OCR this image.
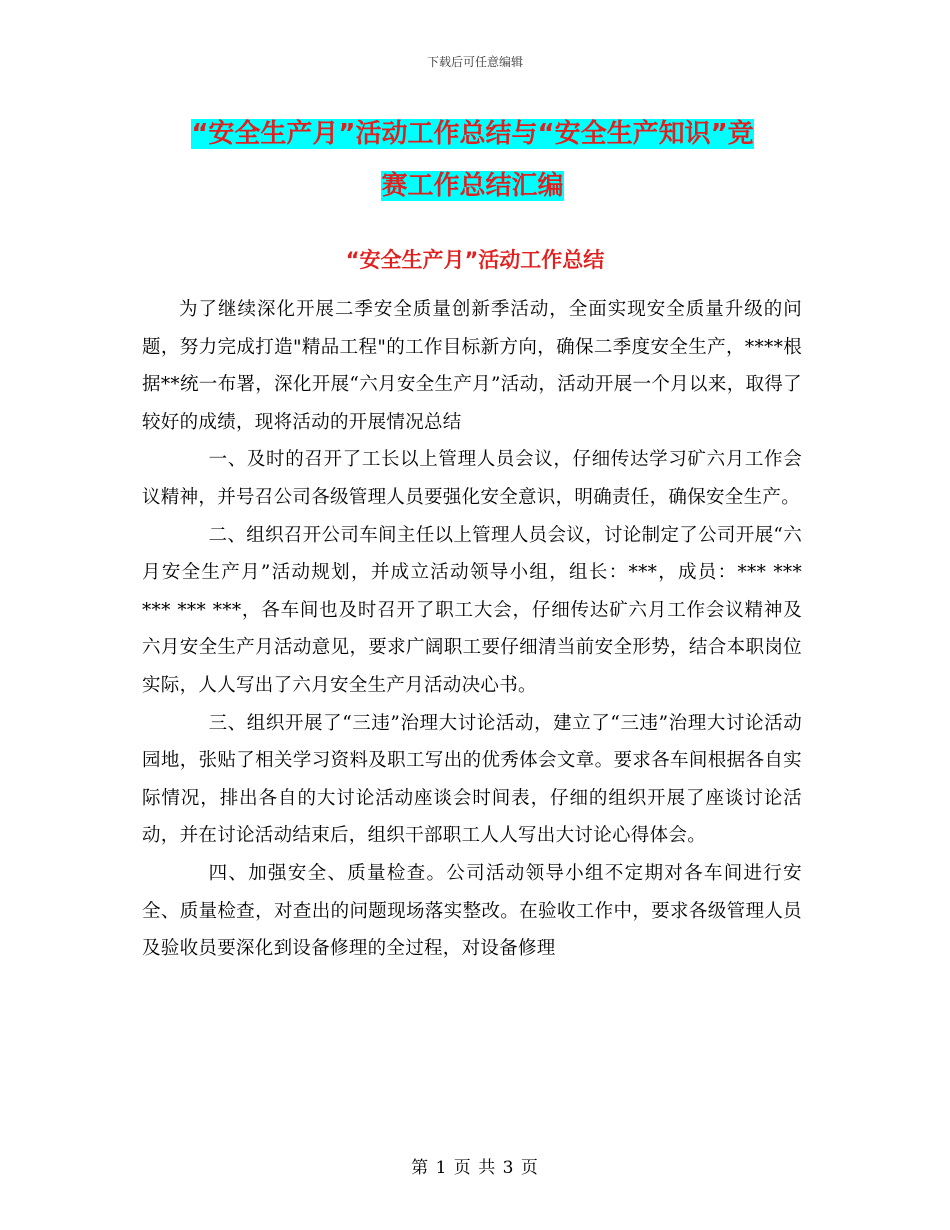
下载后可任意编辑
“安全生产月”活动工作总结与“安全生产知识”竞
赛工作总结汇编
“安全生产月”活动工作总结

为了继续深化开展二季安全质量创新季活动，全面实现安全质量升级的问题，努力完成打造"精品工程"的工作目标新方向，确保二季度安全生产，****根据**统一布署，深化开展“六月安全生产月”活动，活动开展一个月以来，取得了较好的成绩，现将活动的开展情况总结

一、及时的召开了工长以上管理人员会议，仔细传达学习矿六月工作会议精神，并号召公司各级管理人员要强化安全意识，明确责任，确保安全生产。

二、组织召开公司车间主任以上管理人员会议，讨论制定了公司开展“六月安全生产月”活动规划，并成立活动领导小组，组长：***，成员：*** *** *** *** ***，各车间也及时召开了职工大会，仔细传达矿六月工作会议精神及六月安全生产月活动意见，要求广阔职工要仔细清当前安全形势，结合本职岗位实际，人人写出了六月安全生产月活动决心书。

三、组织开展了“三违”治理大讨论活动，建立了“三违”治理大讨论活动园地，张贴了相关学习资料及职工写出的优秀体会文章。要求各车间根据各自实际情况，排出各自的大讨论活动座谈会时间表，仔细的组织开展了座谈讨论活动，并在讨论活动结束后，组织干部职工人人写出大讨论心得体会。

四、加强安全、质量检查。公司活动领导小组不定期对各车间进行安全、质量检查，对查出的问题现场落实整改。在验收工作中，要求各级管理人员及验收员要深化到设备修理的全过程，对设备修理

第 1 页 共 3 页
